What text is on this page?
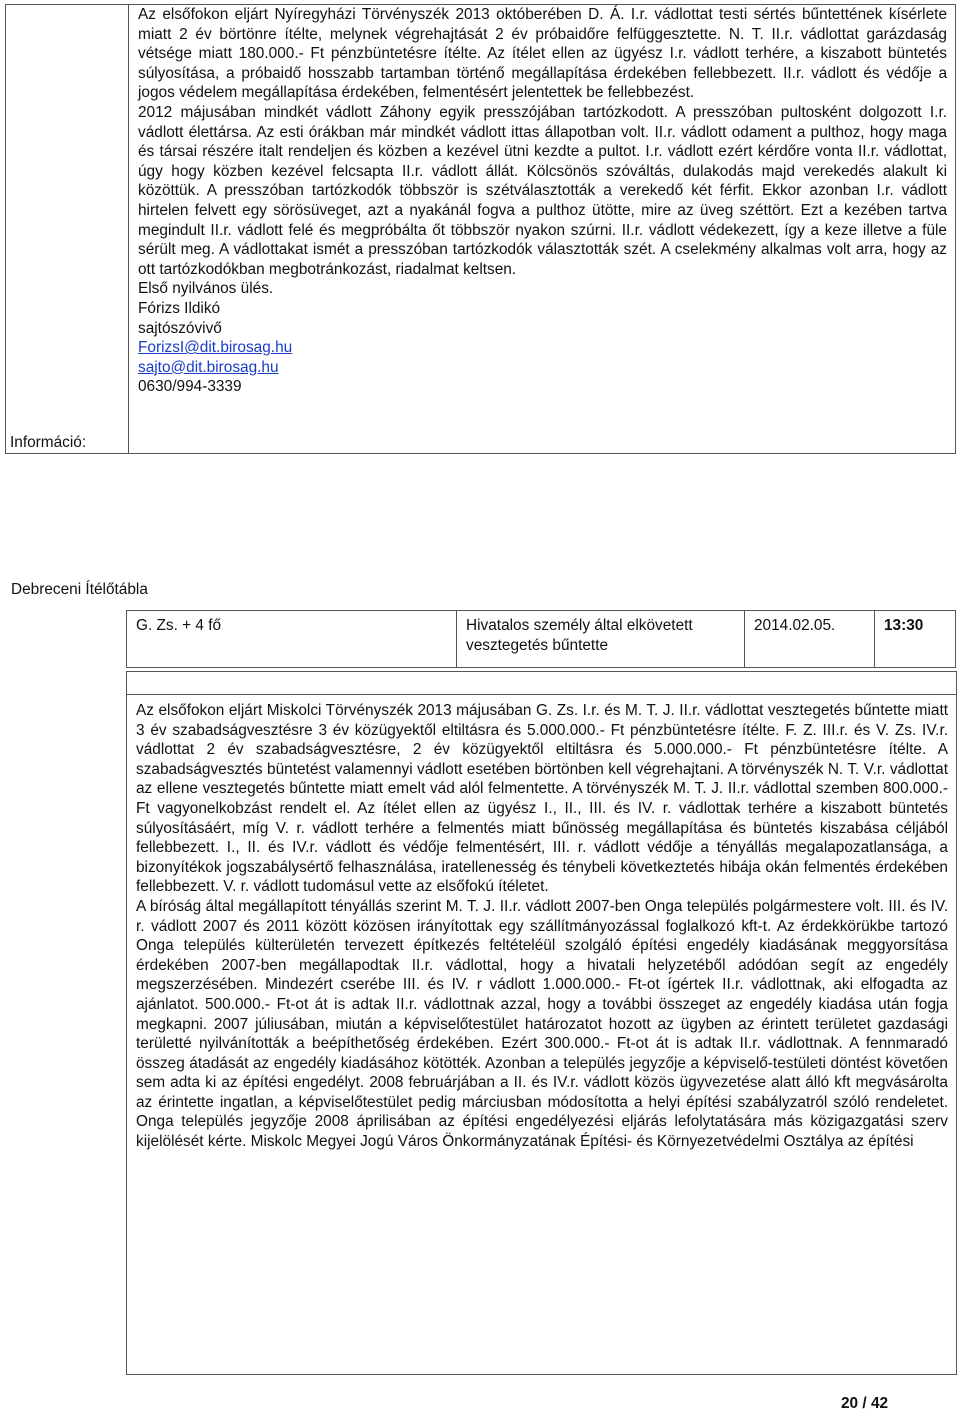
Információ:

Az elsőfokon eljárt Nyíregyházi Törvényszék 2013 októberében D. Á. I.r. vádlottat testi sértés bűntettének kísérlete miatt 2 év börtönre ítélte, melynek végrehajtását 2 év próbaidőre felfüggesztette. N. T. II.r. vádlottat garázdaság vétsége miatt 180.000.- Ft pénzbüntetésre ítélte. Az ítélet ellen az ügyész I.r. vádlott terhére, a kiszabott büntetés súlyosítása, a próbaidő hosszabb tartamban történő megállapítása érdekében fellebbezett. II.r. vádlott és védője a jogos védelem megállapítása érdekében, felmentésért jelentettek be fellebbezést.

2012 májusában mindkét vádlott Záhony egyik presszójában tartózkodott. A presszóban pultosként dolgozott I.r. vádlott élettársa. Az esti órákban már mindkét vádlott ittas állapotban volt. II.r. vádlott odament a pulthoz, hogy maga és társai részére italt rendeljen és közben a kezével ütni kezdte a pultot. I.r. vádlott ezért kérdőre vonta II.r. vádlottat, úgy hogy közben kezével felcsapta II.r. vádlott állát. Kölcsönös szóváltás, dulakodás majd verekedés alakult ki közöttük. A presszóban tartózkodók többször is szétválasztották a verekedő két férfit. Ekkor azonban I.r. vádlott hirtelen felvett egy sörösüveget, azt a nyakánál fogva a pulthoz ütötte, mire az üveg széttört. Ezt a kezében tartva megindult II.r. vádlott felé és megpróbálta őt többször nyakon szúrni. II.r. vádlott védekezett, így a keze illetve a füle sérült meg. A vádlottakat ismét a presszóban tartózkodók választották szét. A cselekmény alkalmas volt arra, hogy az ott tartózkodókban megbotránkozást, riadalmat keltsen.

Első nyilvános ülés.

Fórizs Ildikó

sajtószóvivő

ForizsI@dit.birosag.hu

sajto@dit.birosag.hu

0630/994-3339

Debreceni Ítélőtábla
G. Zs. + 4 fő	Hivatalos személy által elkövetett vesztegetés bűntette	2014.02.05.	13:30

Az elsőfokon eljárt Miskolci Törvényszék 2013 májusában G. Zs. I.r. és M. T. J. II.r. vádlottat vesztegetés bűntette miatt 3 év szabadságvesztésre 3 év közügyektől eltiltásra és 5.000.000.- Ft pénzbüntetésre ítélte. F. Z. III.r. és V. Zs. IV.r. vádlottat 2 év szabadságvesztésre, 2 év közügyektől eltiltásra és 5.000.000.- Ft pénzbüntetésre ítélte. A szabadságvesztés büntetést valamennyi vádlott esetében börtönben kell végrehajtani. A törvényszék N. T. V.r. vádlottat az ellene vesztegetés bűntette miatt emelt vád alól felmentette. A törvényszék M. T. J. II.r. vádlottal szemben 800.000.- Ft vagyonelkobzást rendelt el. Az ítélet ellen az ügyész I., II., III. és IV. r. vádlottak terhére a kiszabott büntetés súlyosításáért, míg V. r. vádlott terhére a felmentés miatt bűnösség megállapítása és büntetés kiszabása céljából fellebbezett. I., II. és IV.r. vádlott és védője felmentésért, III. r. vádlott védője a tényállás megalapozatlansága, a bizonyítékok jogszabálysértő felhasználása, iratellenesség és ténybeli következtetés hibája okán felmentés érdekében fellebbezett. V. r. vádlott tudomásul vette az elsőfokú ítéletet.

A bíróság által megállapított tényállás szerint M. T. J. II.r. vádlott 2007-ben Onga település polgármestere volt. III. és IV. r. vádlott 2007 és 2011 között közösen irányítottak egy szállítmányozással foglalkozó kft-t. Az érdekkörükbe tartozó Onga település külterületén tervezett építkezés feltételéül szolgáló építési engedély kiadásának meggyorsítása érdekében 2007-ben megállapodtak II.r. vádlottal, hogy a hivatali helyzetéből adódóan segít az engedély megszerzésében. Mindezért cserébe III. és IV. r vádlott 1.000.000.- Ft-ot ígértek II.r. vádlottnak, aki elfogadta az ajánlatot. 500.000.- Ft-ot át is adtak II.r. vádlottnak azzal, hogy a további összeget az engedély kiadása után fogja megkapni. 2007 júliusában, miután a képviselőtestület határozatot hozott az ügyben az érintett területet gazdasági területté nyilvánították a beépíthetőség érdekében. Ezért 300.000.- Ft-ot át is adtak II.r. vádlottnak. A fennmaradó összeg átadását az engedély kiadásához kötötték. Azonban a település jegyzője a képviselő-testületi döntést követően sem adta ki az építési engedélyt. 2008 februárjában a II. és IV.r. vádlott közös ügyvezetése alatt álló kft megvásárolta az érintette ingatlan, a képviselőtestület pedig márciusban módosította a helyi építési szabályzatról szóló rendeletet. Onga település jegyzője 2008 áprilisában az építési engedélyezési eljárás lefolytatására más közigazgatási szerv kijelölését kérte. Miskolc Megyei Jogú Város Önkormányzatának Építési- és Környezetvédelmi Osztálya az építési

20 / 42
